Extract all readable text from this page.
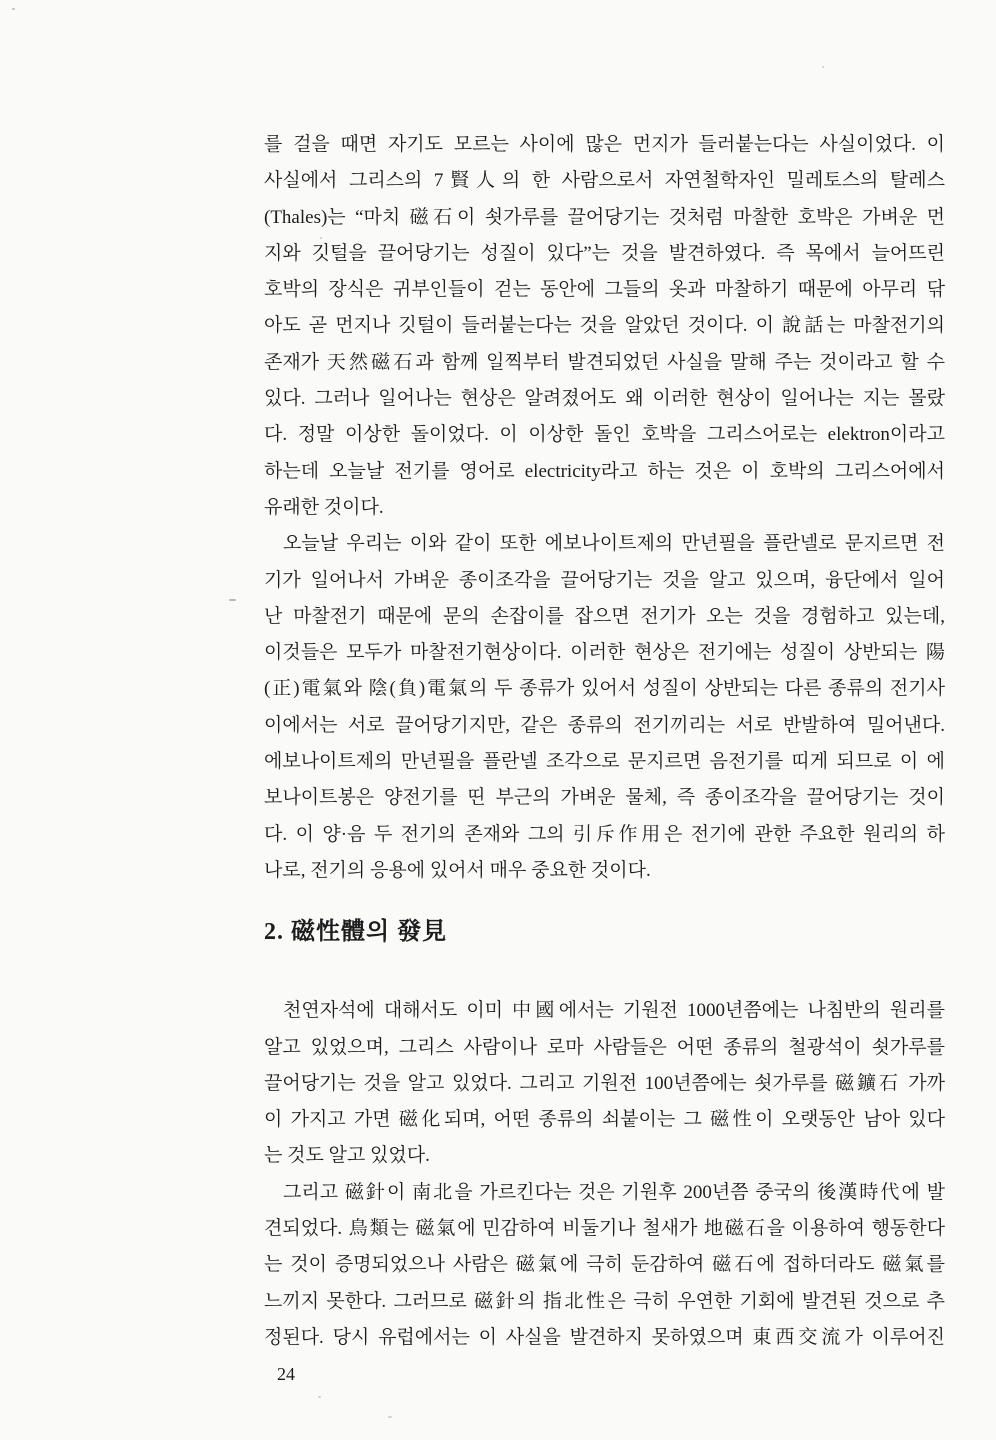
를 걸을 때면 자기도 모르는 사이에 많은 먼지가 들러붙는다는 사실이었다. 이
사실에서 그리스의 7賢人의 한 사람으로서 자연철학자인 밀레토스의 탈레스
(Thales)는 “마치 磁石이 쇳가루를 끌어당기는 것처럼 마찰한 호박은 가벼운 먼
지와 깃털을 끌어당기는 성질이 있다”는 것을 발견하였다. 즉 목에서 늘어뜨린
호박의 장식은 귀부인들이 걷는 동안에 그들의 옷과 마찰하기 때문에 아무리 닦
아도 곧 먼지나 깃털이 들러붙는다는 것을 알았던 것이다. 이 說話는 마찰전기의
존재가 天然磁石과 함께 일찍부터 발견되었던 사실을 말해 주는 것이라고 할 수
있다. 그러나 일어나는 현상은 알려졌어도 왜 이러한 현상이 일어나는 지는 몰랐
다. 정말 이상한 돌이었다. 이 이상한 돌인 호박을 그리스어로는 elektron이라고
하는데 오늘날 전기를 영어로 electricity라고 하는 것은 이 호박의 그리스어에서
유래한 것이다.
오늘날 우리는 이와 같이 또한 에보나이트제의 만년필을 플란넬로 문지르면 전
기가 일어나서 가벼운 종이조각을 끌어당기는 것을 알고 있으며, 융단에서 일어
난 마찰전기 때문에 문의 손잡이를 잡으면 전기가 오는 것을 경험하고 있는데,
이것들은 모두가 마찰전기현상이다. 이러한 현상은 전기에는 성질이 상반되는 陽
(正)電氣와 陰(負)電氣의 두 종류가 있어서 성질이 상반되는 다른 종류의 전기사
이에서는 서로 끌어당기지만, 같은 종류의 전기끼리는 서로 반발하여 밀어낸다.
에보나이트제의 만년필을 플란넬 조각으로 문지르면 음전기를 띠게 되므로 이 에
보나이트봉은 양전기를 띤 부근의 가벼운 물체, 즉 종이조각을 끌어당기는 것이
다. 이 양·음 두 전기의 존재와 그의 引斥作用은 전기에 관한 주요한 원리의 하
나로, 전기의 응용에 있어서 매우 중요한 것이다.
2. 磁性體의 發見
천연자석에 대해서도 이미 中國에서는 기원전 1000년쯤에는 나침반의 원리를
알고 있었으며, 그리스 사람이나 로마 사람들은 어떤 종류의 철광석이 쇳가루를
끌어당기는 것을 알고 있었다. 그리고 기원전 100년쯤에는 쇳가루를 磁鑛石 가까
이 가지고 가면 磁化되며, 어떤 종류의 쇠붙이는 그 磁性이 오랫동안 남아 있다
는 것도 알고 있었다.
그리고 磁針이 南北을 가르킨다는 것은 기원후 200년쯤 중국의 後漢時代에 발
견되었다. 鳥類는 磁氣에 민감하여 비둘기나 철새가 地磁石을 이용하여 행동한다
는 것이 증명되었으나 사람은 磁氣에 극히 둔감하여 磁石에 접하더라도 磁氣를
느끼지 못한다. 그러므로 磁針의 指北性은 극히 우연한 기회에 발견된 것으로 추
정된다. 당시 유럽에서는 이 사실을 발견하지 못하였으며 東西交流가 이루어진
24
